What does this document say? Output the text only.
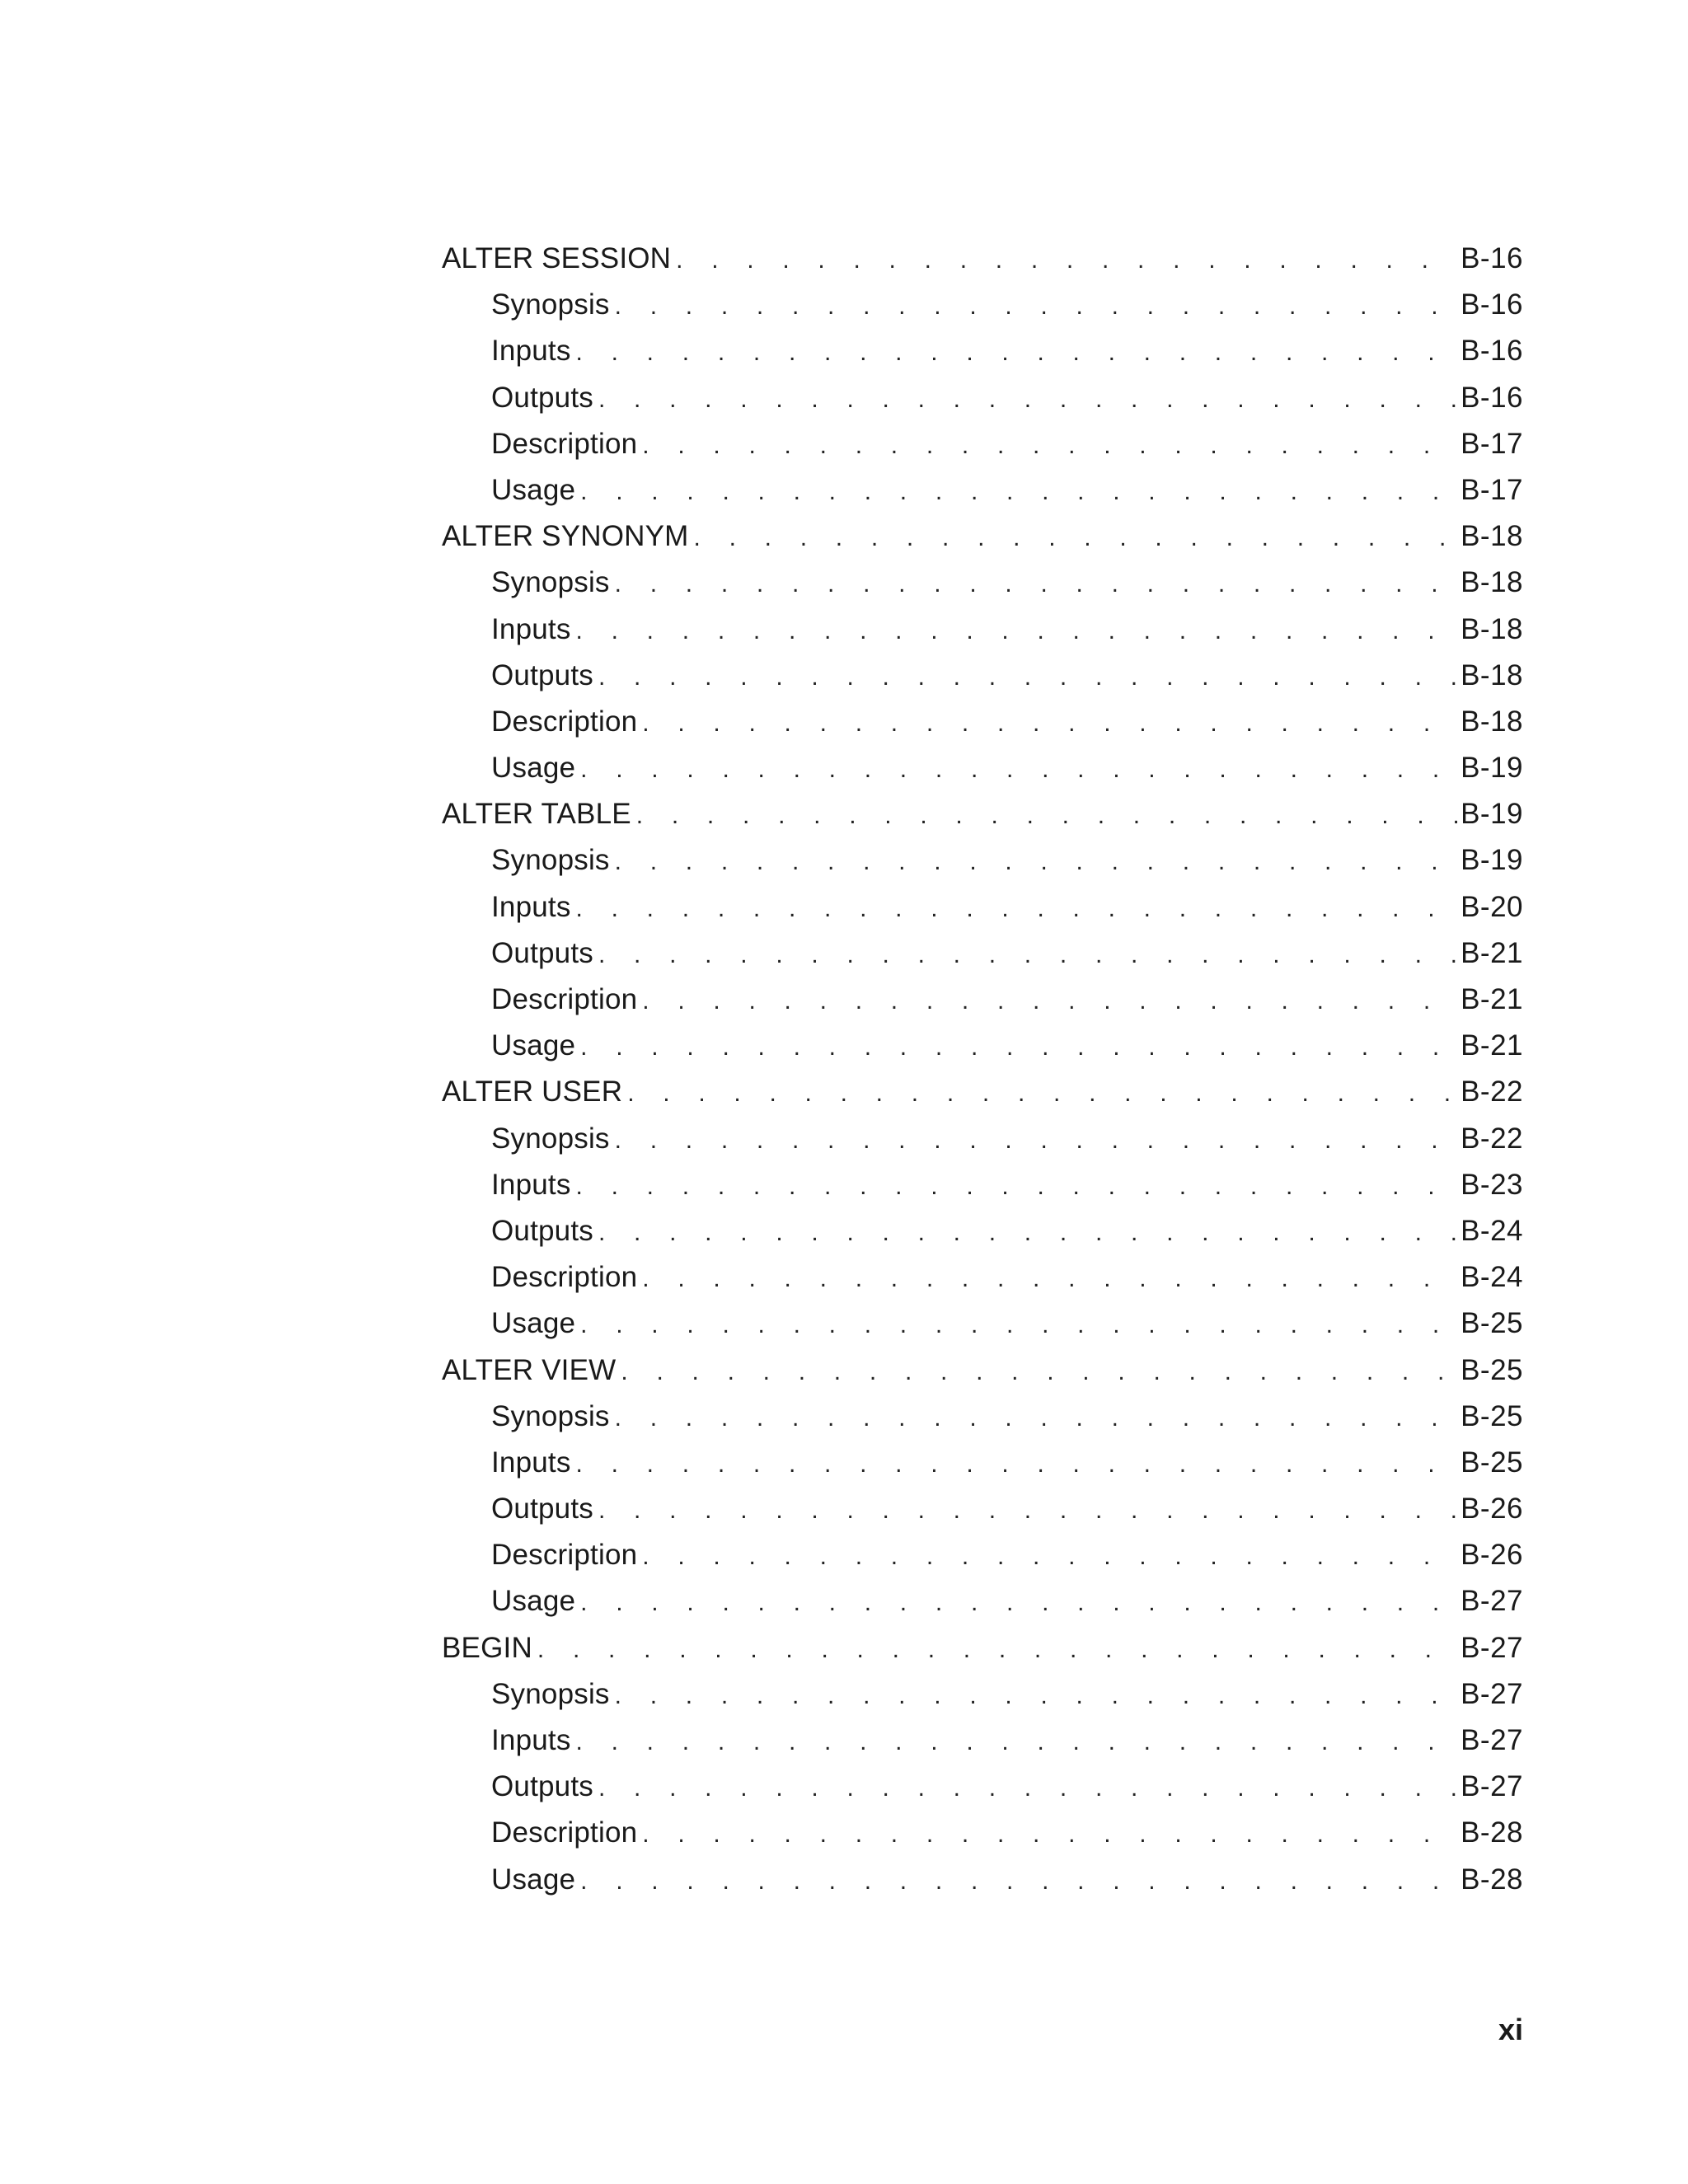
ALTER SESSION . . .	B-16
Synopsis . . .	B-16
Inputs . . .	B-16
Outputs . . .	B-16
Description . . .	B-17
Usage . . .	B-17
ALTER SYNONYM . . .	B-18
Synopsis . . .	B-18
Inputs . . .	B-18
Outputs . . .	B-18
Description . . .	B-18
Usage . . .	B-19
ALTER TABLE . . .	B-19
Synopsis . . .	B-19
Inputs . . .	B-20
Outputs . . .	B-21
Description . . .	B-21
Usage . . .	B-21
ALTER USER . . .	B-22
Synopsis . . .	B-22
Inputs . . .	B-23
Outputs . . .	B-24
Description . . .	B-24
Usage . . .	B-25
ALTER VIEW . . .	B-25
Synopsis . . .	B-25
Inputs . . .	B-25
Outputs . . .	B-26
Description . . .	B-26
Usage . . .	B-27
BEGIN . . .	B-27
Synopsis . . .	B-27
Inputs . . .	B-27
Outputs . . .	B-27
Description . . .	B-28
Usage . . .	B-28
xi
